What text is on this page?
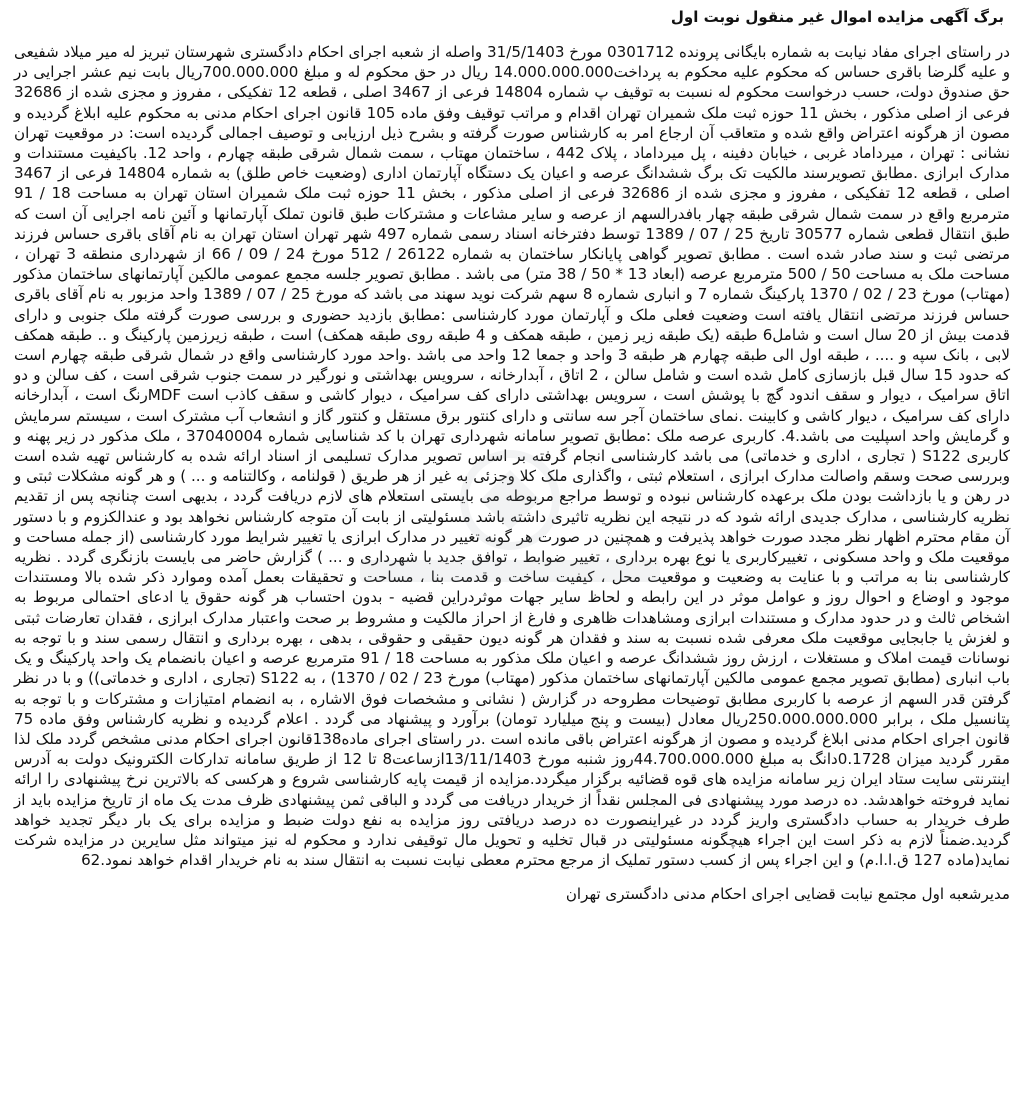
برگ آگهی مزایده اموال غیر منقول نوبت اول

در راستای اجرای مفاد نیابت به شماره بایگانی پرونده 0301712 مورخ 31/5/1403 واصله از شعبه اجرای احکام دادگستری شهرستان تبریز له میر میلاد شفیعی و علیه گلرضا باقری حساس که محکوم علیه محکوم به پرداخت14.000.000.000 ریال در حق محکوم له و مبلغ 700.000.000ریال بابت نیم عشر اجرایی در حق صندوق دولت، حسب درخواست محکوم له نسبت به توقیف پ شماره 14804 فرعی از 3467 اصلی ، قطعه 12 تفکیکی ، مفروز و مجزی شده از 32686 فرعی از اصلی مذکور ، بخش 11 حوزه ثبت ملک شمیران تهران اقدام و مراتب توقیف وفق ماده 105 قانون اجرای احکام مدنی به محکوم علیه ابلاغ گردیده و مصون از هرگونه اعتراض واقع شده و متعاقب آن ارجاع امر به کارشناس صورت گرفته و بشرح ذیل ارزیابی و توصیف اجمالی گردیده است: در موقعیت تهران نشانی : تهران ، میرداماد غربی ، خیابان دفینه ، پل میرداماد ، پلاک 442 ، ساختمان مهتاب ، سمت شمال شرقی طبقه چهارم ، واحد 12. باکیفیت مستندات و مدارک ابرازی .مطابق تصویرسند مالکیت تک برگ ششدانگ عرصه و اعیان یک دستگاه آپارتمان اداری (وضعیت خاص طلق) به شماره 14804 فرعی از 3467 اصلی ، قطعه 12 تفکیکی ، مفروز و مجزی شده از 32686 فرعی از اصلی مذکور ، بخش 11 حوزه ثبت ملک شمیران استان تهران به مساحت 18 / 91 مترمربع واقع در سمت شمال شرقی طبقه چهار بافدرالسهم از عرصه و سایر مشاعات و مشترکات طبق قانون تملک آپارتمانها و آئین نامه اجرایی آن است که طبق انتقال قطعی شماره 30577 تاریخ 25 / 07 / 1389 توسط دفترخانه اسناد رسمی شماره 497 شهر تهران استان تهران به نام آقای باقری حساس فرزند مرتضی ثبت و سند صادر شده است . مطابق تصویر گواهی پایانکار ساختمان به شماره 26122 / 512 مورخ 24 / 09 / 66 از شهرداری منطقه 3 تهران ، مساحت ملک به مساحت 50 / 500 مترمربع عرصه (ابعاد 13 * 50 / 38 متر) می باشد . مطابق تصویر جلسه مجمع عمومی مالکین آپارتمانهای ساختمان مذکور (مهتاب) مورخ 23 / 02 / 1370 پارکینگ شماره 7 و انباری شماره 8 سهم شرکت نوید سهند می باشد که مورخ 25 / 07 / 1389 واحد مزبور به نام آقای باقری حساس فرزند مرتضی انتقال یافته است وضعیت فعلی ملک و آپارتمان مورد کارشناسی :مطابق بازدید حضوری و بررسی صورت گرفته ملک جنوبی و دارای قدمت بیش از 20 سال است و شامل6 طبقه (یک طبقه زیر زمین ، طبقه همکف و 4 طبقه روی طبقه همکف) است ، طبقه زیرزمین پارکینگ و .. طبقه همکف لابی ، بانک سپه و .... ، طبقه اول الی طبقه چهارم هر طبقه 3 واحد و جمعا 12 واحد می باشد .واحد مورد کارشناسی واقع در شمال شرقی طبقه چهارم است که حدود 15 سال قبل بازسازی کامل شده است و شامل سالن ، 2 اتاق ، آبدارخانه ، سرویس بهداشتی و نورگیر در سمت جنوب شرقی است ، کف سالن و دو اتاق سرامیک ، دیوار و سقف اندود گچ با پوشش است ، سرویس بهداشتی دارای کف سرامیک ، دیوار کاشی و سقف کاذب است MDFرنگ است ، آبدارخانه دارای کف سرامیک ، دیوار کاشی و کابینت .نمای ساختمان آجر سه سانتی و دارای کنتور برق مستقل و کنتور گاز و انشعاب آب مشترک است ، سیستم سرمایش و گرمایش واحد اسپلیت می باشد.4. کاربری عرصه ملک :مطابق تصویر سامانه شهرداری تهران با کد شناسایی شماره 37040004 ، ملک مذکور در زیر پهنه و کاربری S122 ( تجاری ، اداری و خدماتی) می باشد کارشناسی انجام گرفته بر اساس تصویر مدارک تسلیمی از اسناد ارائه شده به کارشناس تهیه شده است وبررسی صحت وسقم واصالت مدارک ابرازی ، استعلام ثبتی ، واگذاری ملک کلا وجزئی به غیر از هر طریق ( قولنامه ، وکالتنامه و ... ) و هر گونه مشکلات ثبتی و در رهن و یا بازداشت بودن ملک برعهده کارشناس نبوده و توسط مراجع مربوطه می بایستی استعلام های لازم دریافت گردد ، بدیهی است چنانچه پس از تقدیم نظریه کارشناسی ، مدارک جدیدی ارائه شود که در نتیجه این نظریه تاثیری داشته باشد مسئولیتی از بابت آن متوجه کارشناس نخواهد بود و عندالکزوم و با دستور آن مقام محترم اظهار نظر مجدد صورت خواهد پذیرفت و همچنین در صورت هر گونه تغییر در مدارک ابرازی یا تغییر شرایط مورد کارشناسی (از جمله مساحت و موقعیت ملک و واحد مسکونی ، تغییرکاربری یا نوع بهره برداری ، تغییر ضوابط ، توافق جدید با شهرداری و ... ) گزارش حاضر می بایست بازنگری گردد . نظریه کارشناسی بنا به مراتب و با عنایت به وضعیت و موقعیت محل ، کیفیت ساخت و قدمت بنا ، مساحت و تحقیقات بعمل آمده وموارد ذکر شده بالا ومستندات موجود و اوضاع و احوال روز و عوامل موثر در این رابطه و لحاظ سایر جهات موثردراین قضیه - بدون احتساب هر گونه حقوق یا ادعای احتمالی مربوط به اشخاص ثالث و در حدود مدارک و مستندات ابرازی ومشاهدات ظاهری و فارغ از احراز مالکیت و مشروط بر صحت واعتبار مدارک ابرازی ، فقدان تعارضات ثبتی و لغزش یا جابجایی موقعیت ملک معرفی شده نسبت به سند و فقدان هر گونه دیون حقیقی و حقوقی ، بدهی ، بهره برداری و انتقال رسمی سند و با توجه به نوسانات قیمت املاک و مستغلات ، ارزش روز ششدانگ عرصه و اعیان ملک مذکور به مساحت 18 / 91 مترمربع عرصه و اعیان بانضمام یک واحد پارکینگ و یک باب انباری (مطابق تصویر مجمع عمومی مالکین آپارتمانهای ساختمان مذکور (مهتاب) مورخ 23 / 02 / 1370) ، به S122 (تجاری ، اداری و خدماتی)) و با در نظر گرفتن قدر السهم از عرصه با کاربری مطابق توضیحات مطروحه در گزارش ( نشانی و مشخصات فوق الاشاره ، به انضمام امتیازات و مشترکات و با توجه به پتانسیل ملک ، برابر 250.000.000.000ریال معادل (بیست و پنج میلیارد تومان) برآورد و پیشنهاد می گردد . اعلام گردیده و نظریه کارشناس وفق ماده 75 قانون اجرای احکام مدنی ابلاغ گردیده و مصون از هرگونه اعتراض باقی مانده است .در راستای اجرای ماده138قانون اجرای احکام مدنی مشخص گردد ملک لذا مقرر گردید میزان 0.1728دانگ به مبلغ 44.700.000.000روز شنبه مورخ 13/11/1403ازساعت8 تا 12 از طریق سامانه تدارکات الکترونیک دولت به آدرس اینترنتی سایت ستاد ایران زیر سامانه مزایده های قوه قضائیه برگزار میگردد.مزایده از قیمت پایه کارشناسی شروع و هرکسی که بالاترین نرخ پیشنهادی را ارائه نماید فروخته خواهدشد. ده درصد مورد پیشنهادی فی المجلس نقداً از خریدار دریافت می گردد و الباقی ثمن پیشنهادی ظرف مدت یک ماه از تاریخ مزایده باید از طرف خریدار به حساب دادگستری واریز گردد در غیراینصورت ده درصد دریافتی روز مزایده به نفع دولت ضبط و مزایده برای یک بار دیگر تجدید خواهد گردید.ضمناً لازم به ذکر است این اجراء هیچگونه مسئولیتی در قبال تخلیه و تحویل مال توقیفی ندارد و محکوم له نیز میتواند مثل سایرین در مزایده شرکت نماید(ماده 127 ق.ا.ا.م) و این اجراء پس از کسب دستور تملیک از مرجع محترم معطی نیابت نسبت به انتقال سند به نام خریدار اقدام خواهد نمود.62

مدیرشعبه اول مجتمع نیابت قضایی اجرای احکام مدنی دادگستری تهران
